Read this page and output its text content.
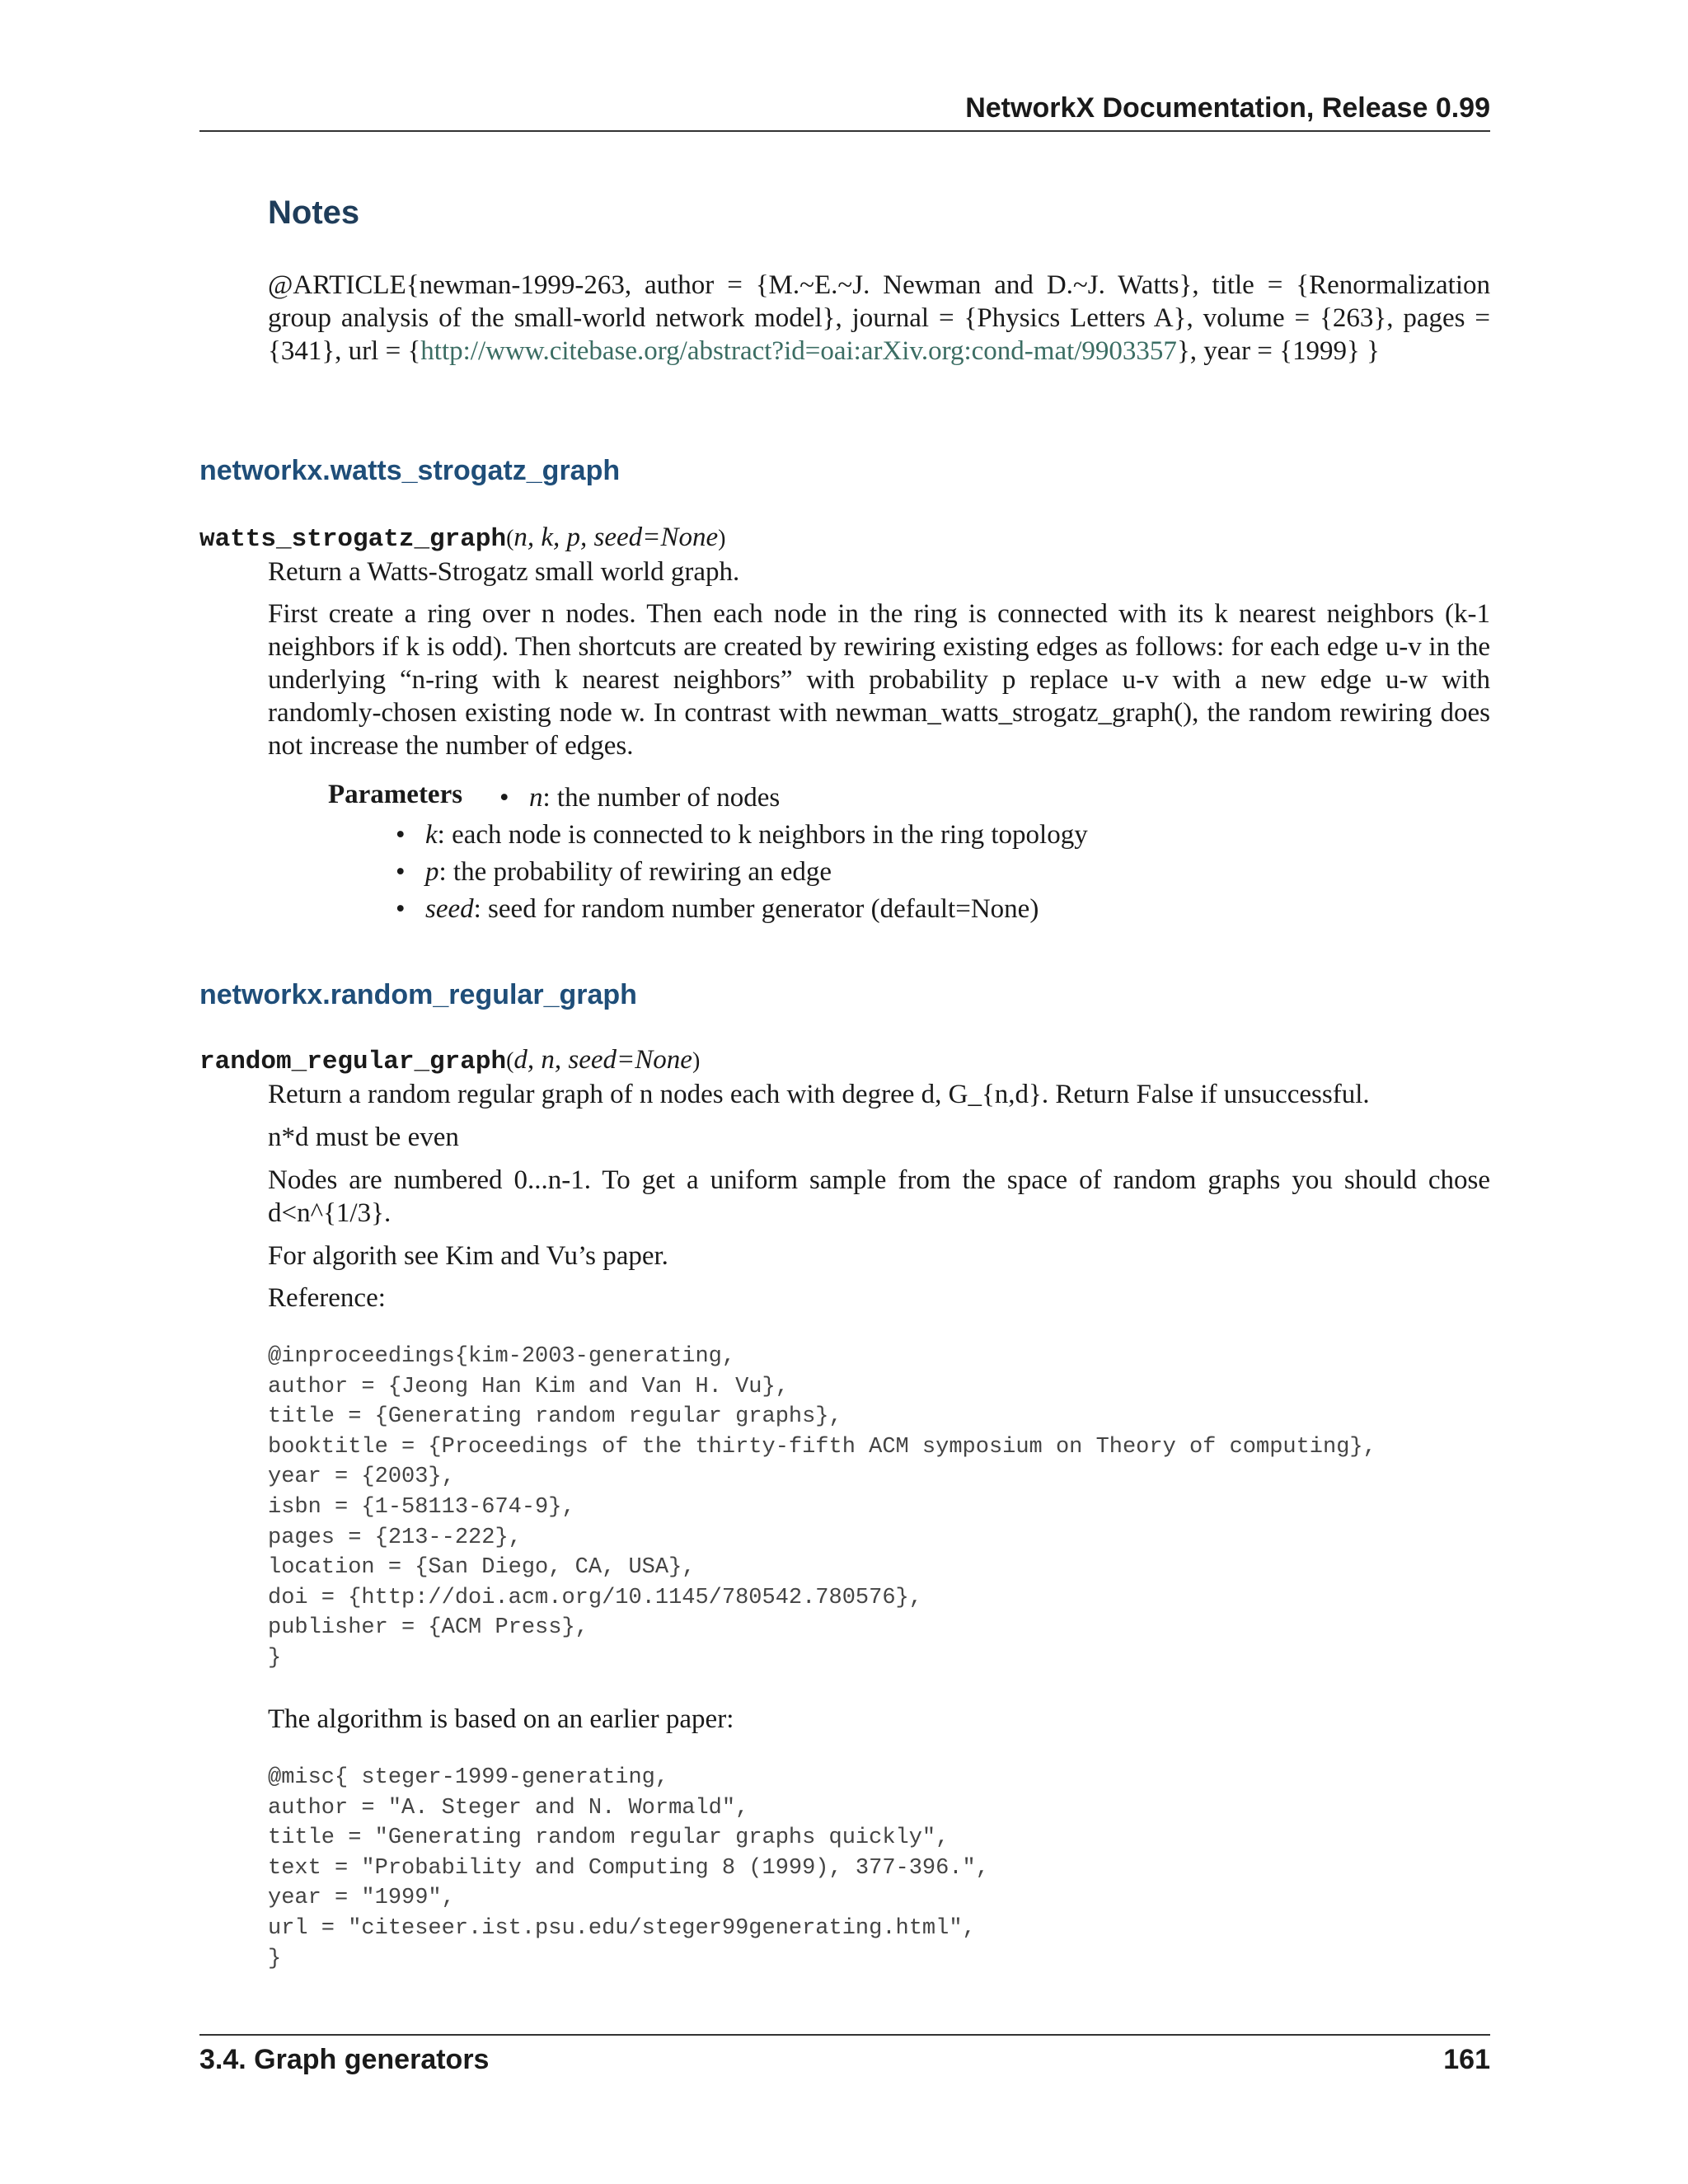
NetworkX Documentation, Release 0.99
Notes
@ARTICLE{newman-1999-263, author = {M.~E.~J. Newman and D.~J. Watts}, title = {Renormalization group analysis of the small-world network model}, journal = {Physics Letters A}, volume = {263}, pages = {341}, url = {http://www.citebase.org/abstract?id=oai:arXiv.org:cond-mat/9903357}, year = {1999} }
networkx.watts_strogatz_graph
watts_strogatz_graph(n, k, p, seed=None)
Return a Watts-Strogatz small world graph.
First create a ring over n nodes. Then each node in the ring is connected with its k nearest neighbors (k-1 neighbors if k is odd). Then shortcuts are created by rewiring existing edges as follows: for each edge u-v in the underlying “n-ring with k nearest neighbors” with probability p replace u-v with a new edge u-w with randomly-chosen existing node w. In contrast with newman_watts_strogatz_graph(), the random rewiring does not increase the number of edges.
Parameters
•	n: the number of nodes
• k: each node is connected to k neighbors in the ring topology
• p: the probability of rewiring an edge
• seed: seed for random number generator (default=None)
networkx.random_regular_graph
random_regular_graph(d, n, seed=None)
Return a random regular graph of n nodes each with degree d, G_{n,d}. Return False if unsuccessful.
n*d must be even
Nodes are numbered 0...n-1. To get a uniform sample from the space of random graphs you should chose d<n^{1/3}.
For algorith see Kim and Vu’s paper.
Reference:
@inproceedings{kim-2003-generating,
author = {Jeong Han Kim and Van H. Vu},
title = {Generating random regular graphs},
booktitle = {Proceedings of the thirty-fifth ACM symposium on Theory of computing},
year = {2003},
isbn = {1-58113-674-9},
pages = {213--222},
location = {San Diego, CA, USA},
doi = {http://doi.acm.org/10.1145/780542.780576},
publisher = {ACM Press},
}
The algorithm is based on an earlier paper:
@misc{ steger-1999-generating,
author = "A. Steger and N. Wormald",
title = "Generating random regular graphs quickly",
text = "Probability and Computing 8 (1999), 377-396.",
year = "1999",
url = "citeseer.ist.psu.edu/steger99generating.html",
}
3.4. Graph generators	161
